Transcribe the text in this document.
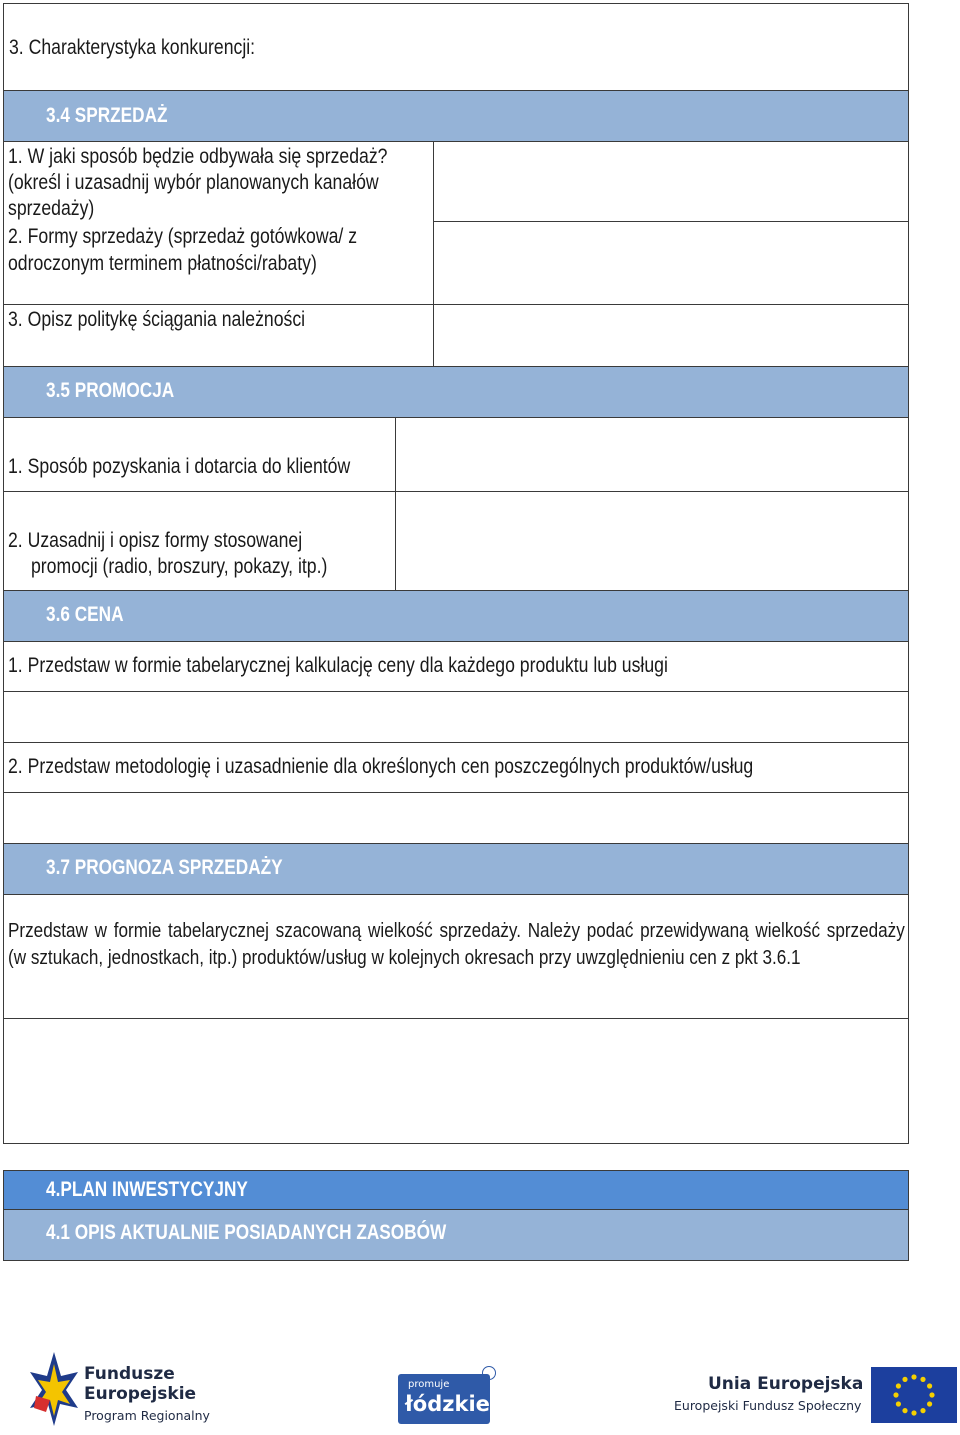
3. Charakterystyka konkurencji:
3.4 SPRZEDAŻ
1. W jaki sposób będzie odbywała się sprzedaż?
(określ i uzasadnij wybór planowanych kanałów
sprzedaży)
2. Formy sprzedaży (sprzedaż gotówkowa/ z
odroczonym terminem płatności/rabaty)
3. Opisz politykę ściągania należności
3.5 PROMOCJA
1. Sposób pozyskania i dotarcia do klientów
2. Uzasadnij i opisz formy stosowanej
promocji (radio, broszury, pokazy, itp.)
3.6 CENA
1. Przedstaw w formie tabelarycznej kalkulację ceny dla każdego produktu lub usługi
2. Przedstaw metodologię i uzasadnienie dla określonych cen poszczególnych produktów/usług
3.7 PROGNOZA SPRZEDAŻY
Przedstaw w formie tabelarycznej szacowaną wielkość sprzedaży. Należy podać przewidywaną wielkość sprzedaży (w sztukach, jednostkach, itp.) produktów/usług w kolejnych okresach przy uwzględnieniu cen z pkt 3.6.1
4.PLAN INWESTYCYJNY
4.1 OPIS AKTUALNIE POSIADANYCH ZASOBÓW
Fundusze
Europejskie
Program Regionalny
promuje
łódzkie
Unia Europejska
Europejski Fundusz Społeczny
